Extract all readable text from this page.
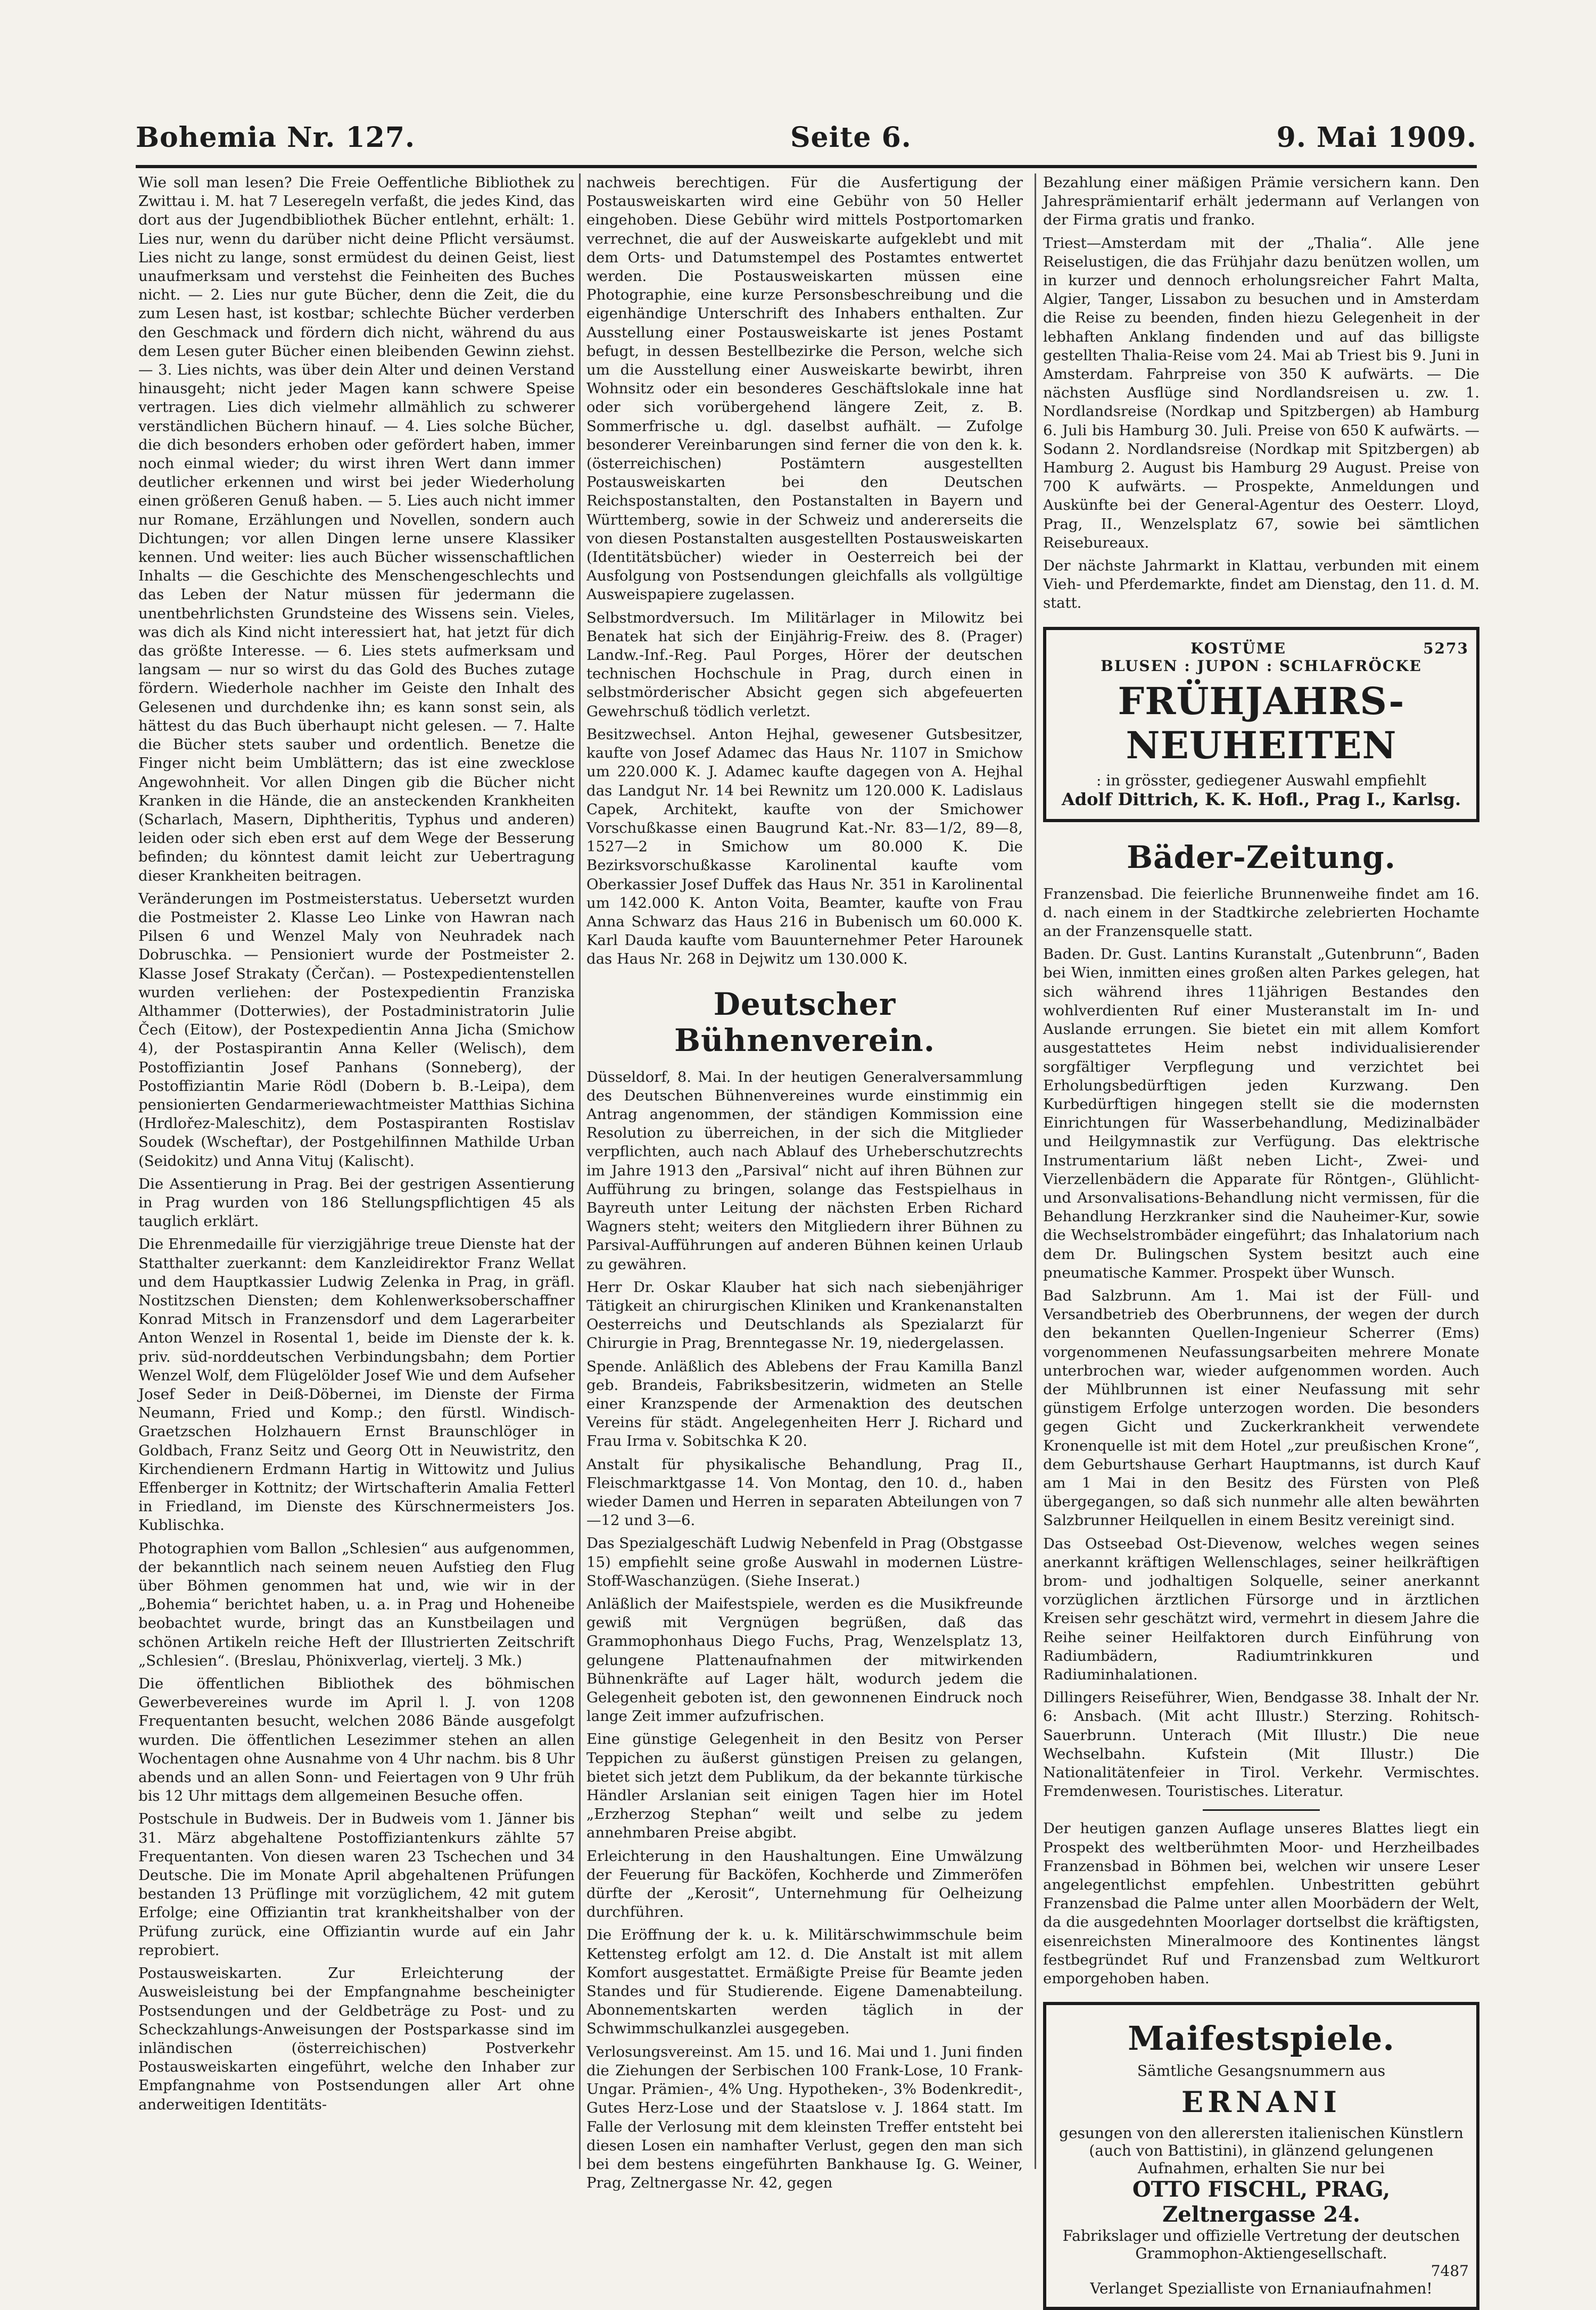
Bohemia Nr. 127.	Seite 6.	9. Mai 1909.

Wie soll man lesen? Die Freie Oeffentliche Bibliothek zu Zwittau i. M. hat 7 Leseregeln verfaßt, die jedes Kind, das dort aus der Jugendbibliothek Bücher entlehnt, erhält: 1. Lies nur, wenn du darüber nicht deine Pflicht versäumst. Lies nicht zu lange, sonst ermüdest du deinen Geist, liest unaufmerksam und verstehst die Feinheiten des Buches nicht. — 2. Lies nur gute Bücher, denn die Zeit, die du zum Lesen hast, ist kostbar; schlechte Bücher verderben den Geschmack und fördern dich nicht, während du aus dem Lesen guter Bücher einen bleibenden Gewinn ziehst. — 3. Lies nichts, was über dein Alter und deinen Verstand hinausgeht; nicht jeder Magen kann schwere Speise vertragen. Lies dich vielmehr allmählich zu schwerer verständlichen Büchern hinauf. — 4. Lies solche Bücher, die dich besonders erhoben oder gefördert haben, immer noch einmal wieder; du wirst ihren Wert dann immer deutlicher erkennen und wirst bei jeder Wiederholung einen größeren Genuß haben. — 5. Lies auch nicht immer nur Romane, Erzählungen und Novellen, sondern auch Dichtungen; vor allen Dingen lerne unsere Klassiker kennen. Und weiter: lies auch Bücher wissenschaftlichen Inhalts — die Geschichte des Menschengeschlechts und das Leben der Natur müssen für jedermann die unentbehrlichsten Grundsteine des Wissens sein. Vieles, was dich als Kind nicht interessiert hat, hat jetzt für dich das größte Interesse. — 6. Lies stets aufmerksam und langsam — nur so wirst du das Gold des Buches zutage fördern. Wiederhole nachher im Geiste den Inhalt des Gelesenen und durchdenke ihn; es kann sonst sein, als hättest du das Buch überhaupt nicht gelesen. — 7. Halte die Bücher stets sauber und ordentlich. Benetze die Finger nicht beim Umblättern; das ist eine zwecklose Angewohnheit. Vor allen Dingen gib die Bücher nicht Kranken in die Hände, die an ansteckenden Krankheiten (Scharlach, Masern, Diphtheritis, Typhus und anderen) leiden oder sich eben erst auf dem Wege der Besserung befinden; du könntest damit leicht zur Uebertragung dieser Krankheiten beitragen.

Veränderungen im Postmeisterstatus. Uebersetzt wurden die Postmeister 2. Klasse Leo Linke von Hawran nach Pilsen 6 und Wenzel Maly von Neuhradek nach Dobruschka. — Pensioniert wurde der Postmeister 2. Klasse Josef Strakaty (Čerčan). — Postexpedientenstellen wurden verliehen: der Postexpedientin Franziska Althammer (Dotterwies), der Postadministratorin Julie Čech (Eitow), der Postexpedientin Anna Jicha (Smichow 4), der Postaspirantin Anna Keller (Welisch), dem Postoffiziantin Josef Panhans (Sonneberg), der Postoffiziantin Marie Rödl (Dobern b. B.-Leipa), dem pensionierten Gendarmeriewachtmeister Matthias Sichina (Hrdlořez-Maleschitz), dem Postaspiranten Rostislav Soudek (Wscheftar), der Postgehilfinnen Mathilde Urban (Seidokitz) und Anna Vituj (Kalischt).

Die Assentierung in Prag. Bei der gestrigen Assentierung in Prag wurden von 186 Stellungspflichtigen 45 als tauglich erklärt.

Die Ehrenmedaille für vierzigjährige treue Dienste hat der Statthalter zuerkannt: dem Kanzleidirektor Franz Wellat und dem Hauptkassier Ludwig Zelenka in Prag, in gräfl. Nostitzschen Diensten; dem Kohlenwerksoberschaffner Konrad Mitsch in Franzensdorf und dem Lagerarbeiter Anton Wenzel in Rosental 1, beide im Dienste der k. k. priv. süd-norddeutschen Verbindungsbahn; dem Portier Wenzel Wolf, dem Flügelölder Josef Wie und dem Aufseher Josef Seder in Deiß-Döbernei, im Dienste der Firma Neumann, Fried und Komp.; den fürstl. Windisch-Graetzschen Holzhauern Ernst Braunschlöger in Goldbach, Franz Seitz und Georg Ott in Neuwistritz, den Kirchendienern Erdmann Hartig in Wittowitz und Julius Effenberger in Kottnitz; der Wirtschafterin Amalia Fetterl in Friedland, im Dienste des Kürschnermeisters Jos. Kublischka.

Photographien vom Ballon „Schlesien“ aus aufgenommen, der bekanntlich nach seinem neuen Aufstieg den Flug über Böhmen genommen hat und, wie wir in der „Bohemia“ berichtet haben, u. a. in Prag und Hoheneibe beobachtet wurde, bringt das an Kunstbeilagen und schönen Artikeln reiche Heft der Illustrierten Zeitschrift „Schlesien“. (Breslau, Phönixverlag, viertelj. 3 Mk.)

Die öffentlichen Bibliothek des böhmischen Gewerbevereines wurde im April l. J. von 1208 Frequentanten besucht, welchen 2086 Bände ausgefolgt wurden. Die öffentlichen Lesezimmer stehen an allen Wochentagen ohne Ausnahme von 4 Uhr nachm. bis 8 Uhr abends und an allen Sonn- und Feiertagen von 9 Uhr früh bis 12 Uhr mittags dem allgemeinen Besuche offen.

Postschule in Budweis. Der in Budweis vom 1. Jänner bis 31. März abgehaltene Postoffiziantenkurs zählte 57 Frequentanten. Von diesen waren 23 Tschechen und 34 Deutsche. Die im Monate April abgehaltenen Prüfungen bestanden 13 Prüflinge mit vorzüglichem, 42 mit gutem Erfolge; eine Offiziantin trat krankheitshalber von der Prüfung zurück, eine Offiziantin wurde auf ein Jahr reprobiert.

Postausweiskarten. Zur Erleichterung der Ausweisleistung bei der Empfangnahme bescheinigter Postsendungen und der Geldbeträge zu Post- und zu Scheckzahlungs-Anweisungen der Postsparkasse sind im inländischen (österreichischen) Postverkehr Postausweiskarten eingeführt, welche den Inhaber zur Empfangnahme von Postsendungen aller Art ohne anderweitigen Identitäts-

nachweis berechtigen. Für die Ausfertigung der Postausweiskarten wird eine Gebühr von 50 Heller eingehoben. Diese Gebühr wird mittels Postportomarken verrechnet, die auf der Ausweiskarte aufgeklebt und mit dem Orts- und Datumstempel des Postamtes entwertet werden. Die Postausweiskarten müssen eine Photographie, eine kurze Personsbeschreibung und die eigenhändige Unterschrift des Inhabers enthalten. Zur Ausstellung einer Postausweiskarte ist jenes Postamt befugt, in dessen Bestellbezirke die Person, welche sich um die Ausstellung einer Ausweiskarte bewirbt, ihren Wohnsitz oder ein besonderes Geschäftslokale inne hat oder sich vorübergehend längere Zeit, z. B. Sommerfrische u. dgl. daselbst aufhält. — Zufolge besonderer Vereinbarungen sind ferner die von den k. k. (österreichischen) Postämtern ausgestellten Postausweiskarten bei den Deutschen Reichspostanstalten, den Postanstalten in Bayern und Württemberg, sowie in der Schweiz und andererseits die von diesen Postanstalten ausgestellten Postausweiskarten (Identitätsbücher) wieder in Oesterreich bei der Ausfolgung von Postsendungen gleichfalls als vollgültige Ausweispapiere zugelassen.

Selbstmordversuch. Im Militärlager in Milowitz bei Benatek hat sich der Einjährig-Freiw. des 8. (Prager) Landw.-Inf.-Reg. Paul Porges, Hörer der deutschen technischen Hochschule in Prag, durch einen in selbstmörderischer Absicht gegen sich abgefeuerten Gewehrschuß tödlich verletzt.

Besitzwechsel. Anton Hejhal, gewesener Gutsbesitzer, kaufte von Josef Adamec das Haus Nr. 1107 in Smichow um 220.000 K. J. Adamec kaufte dagegen von A. Hejhal das Landgut Nr. 14 bei Rewnitz um 120.000 K. Ladislaus Capek, Architekt, kaufte von der Smichower Vorschußkasse einen Baugrund Kat.-Nr. 83—1/2, 89—8, 1527—2 in Smichow um 80.000 K. Die Bezirksvorschußkasse Karolinental kaufte vom Oberkassier Josef Duffek das Haus Nr. 351 in Karolinental um 142.000 K. Anton Voita, Beamter, kaufte von Frau Anna Schwarz das Haus 216 in Bubenisch um 60.000 K. Karl Dauda kaufte vom Bauunternehmer Peter Harounek das Haus Nr. 268 in Dejwitz um 130.000 K.

Deutscher Bühnenverein.

Düsseldorf, 8. Mai. In der heutigen Generalversammlung des Deutschen Bühnenvereines wurde einstimmig ein Antrag angenommen, der ständigen Kommission eine Resolution zu überreichen, in der sich die Mitglieder verpflichten, auch nach Ablauf des Urheberschutzrechts im Jahre 1913 den „Parsival“ nicht auf ihren Bühnen zur Aufführung zu bringen, solange das Festspielhaus in Bayreuth unter Leitung der nächsten Erben Richard Wagners steht; weiters den Mitgliedern ihrer Bühnen zu Parsival-Aufführungen auf anderen Bühnen keinen Urlaub zu gewähren.

Herr Dr. Oskar Klauber hat sich nach siebenjähriger Tätigkeit an chirurgischen Kliniken und Krankenanstalten Oesterreichs und Deutschlands als Spezialarzt für Chirurgie in Prag, Brenntegasse Nr. 19, niedergelassen.

Spende. Anläßlich des Ablebens der Frau Kamilla Banzl geb. Brandeis, Fabriksbesitzerin, widmeten an Stelle einer Kranzspende der Armenaktion des deutschen Vereins für städt. Angelegenheiten Herr J. Richard und Frau Irma v. Sobitschka K 20.

Anstalt für physikalische Behandlung, Prag II., Fleischmarktgasse 14. Von Montag, den 10. d., haben wieder Damen und Herren in separaten Abteilungen von 7—12 und 3—6.

Das Spezialgeschäft Ludwig Nebenfeld in Prag (Obstgasse 15) empfiehlt seine große Auswahl in modernen Lüstre-Stoff-Waschanzügen. (Siehe Inserat.)

Anläßlich der Maifestspiele, werden es die Musikfreunde gewiß mit Vergnügen begrüßen, daß das Grammophonhaus Diego Fuchs, Prag, Wenzelsplatz 13, gelungene Plattenaufnahmen der mitwirkenden Bühnenkräfte auf Lager hält, wodurch jedem die Gelegenheit geboten ist, den gewonnenen Eindruck noch lange Zeit immer aufzufrischen.

Eine günstige Gelegenheit in den Besitz von Perser Teppichen zu äußerst günstigen Preisen zu gelangen, bietet sich jetzt dem Publikum, da der bekannte türkische Händler Arslanian seit einigen Tagen hier im Hotel „Erzherzog Stephan“ weilt und selbe zu jedem annehmbaren Preise abgibt.

Erleichterung in den Haushaltungen. Eine Umwälzung der Feuerung für Backöfen, Kochherde und Zimmeröfen dürfte der „Kerosit“, Unternehmung für Oelheizung durchführen.

Die Eröffnung der k. u. k. Militärschwimmschule beim Kettensteg erfolgt am 12. d. Die Anstalt ist mit allem Komfort ausgestattet. Ermäßigte Preise für Beamte jeden Standes und für Studierende. Eigene Damenabteilung. Abonnementskarten werden täglich in der Schwimmschulkanzlei ausgegeben.

Verlosungsvereinst. Am 15. und 16. Mai und 1. Juni finden die Ziehungen der Serbischen 100 Frank-Lose, 10 Frank-Ungar. Prämien-, 4% Ung. Hypotheken-, 3% Bodenkredit-, Gutes Herz-Lose und der Staatslose v. J. 1864 statt. Im Falle der Verlosung mit dem kleinsten Treffer entsteht bei diesen Losen ein namhafter Verlust, gegen den man sich bei dem bestens eingeführten Bankhause Ig. G. Weiner, Prag, Zeltnergasse Nr. 42, gegen

Bezahlung einer mäßigen Prämie versichern kann. Den Jahresprämientarif erhält jedermann auf Verlangen von der Firma gratis und franko.

Triest—Amsterdam mit der „Thalia“. Alle jene Reiselustigen, die das Frühjahr dazu benützen wollen, um in kurzer und dennoch erholungsreicher Fahrt Malta, Algier, Tanger, Lissabon zu besuchen und in Amsterdam die Reise zu beenden, finden hiezu Gelegenheit in der lebhaften Anklang findenden und auf das billigste gestellten Thalia-Reise vom 24. Mai ab Triest bis 9. Juni in Amsterdam. Fahrpreise von 350 K aufwärts. — Die nächsten Ausflüge sind Nordlandsreisen u. zw. 1. Nordlandsreise (Nordkap und Spitzbergen) ab Hamburg 6. Juli bis Hamburg 30. Juli. Preise von 650 K aufwärts. — Sodann 2. Nordlandsreise (Nordkap mit Spitzbergen) ab Hamburg 2. August bis Hamburg 29 August. Preise von 700 K aufwärts. — Prospekte, Anmeldungen und Auskünfte bei der General-Agentur des Oesterr. Lloyd, Prag, II., Wenzelsplatz 67, sowie bei sämtlichen Reisebureaux.

Der nächste Jahrmarkt in Klattau, verbunden mit einem Vieh- und Pferdemarkte, findet am Dienstag, den 11. d. M. statt.

KOSTÜME	5273
BLUSEN : JUPON : SCHLAFRÖCKE
FRÜHJAHRS-NEUHEITEN
: in grösster, gediegener Auswahl empfiehlt
Adolf Dittrich, K. K. Hofl., Prag I., Karlsg.
Bäder-Zeitung.

Franzensbad. Die feierliche Brunnenweihe findet am 16. d. nach einem in der Stadtkirche zelebrierten Hochamte an der Franzensquelle statt.

Baden. Dr. Gust. Lantins Kuranstalt „Gutenbrunn“, Baden bei Wien, inmitten eines großen alten Parkes gelegen, hat sich während ihres 11jährigen Bestandes den wohlverdienten Ruf einer Musteranstalt im In- und Auslande errungen. Sie bietet ein mit allem Komfort ausgestattetes Heim nebst individualisierender sorgfältiger Verpflegung und verzichtet bei Erholungsbedürftigen jeden Kurzwang. Den Kurbedürftigen hingegen stellt sie die modernsten Einrichtungen für Wasserbehandlung, Medizinalbäder und Heilgymnastik zur Verfügung. Das elektrische Instrumentarium läßt neben Licht-, Zwei- und Vierzellenbädern die Apparate für Röntgen-, Glühlicht- und Arsonvalisations-Behandlung nicht vermissen, für die Behandlung Herzkranker sind die Nauheimer-Kur, sowie die Wechselstrombäder eingeführt; das Inhalatorium nach dem Dr. Bulingschen System besitzt auch eine pneumatische Kammer. Prospekt über Wunsch.

Bad Salzbrunn. Am 1. Mai ist der Füll- und Versandbetrieb des Oberbrunnens, der wegen der durch den bekannten Quellen-Ingenieur Scherrer (Ems) vorgenommenen Neufassungsarbeiten mehrere Monate unterbrochen war, wieder aufgenommen worden. Auch der Mühlbrunnen ist einer Neufassung mit sehr günstigem Erfolge unterzogen worden. Die besonders gegen Gicht und Zuckerkrankheit verwendete Kronenquelle ist mit dem Hotel „zur preußischen Krone“, dem Geburtshause Gerhart Hauptmanns, ist durch Kauf am 1 Mai in den Besitz des Fürsten von Pleß übergegangen, so daß sich nunmehr alle alten bewährten Salzbrunner Heilquellen in einem Besitz vereinigt sind.

Das Ostseebad Ost-Dievenow, welches wegen seines anerkannt kräftigen Wellenschlages, seiner heilkräftigen brom- und jodhaltigen Solquelle, seiner anerkannt vorzüglichen ärztlichen Fürsorge und in ärztlichen Kreisen sehr geschätzt wird, vermehrt in diesem Jahre die Reihe seiner Heilfaktoren durch Einführung von Radiumbädern, Radiumtrinkkuren und Radiuminhalationen.

Dillingers Reiseführer, Wien, Bendgasse 38. Inhalt der Nr. 6: Ansbach. (Mit acht Illustr.) Sterzing. Rohitsch-Sauerbrunn. Unterach (Mit Illustr.) Die neue Wechselbahn. Kufstein (Mit Illustr.) Die Nationalitätenfeier in Tirol. Verkehr. Vermischtes. Fremdenwesen. Touristisches. Literatur.

Der heutigen ganzen Auflage unseres Blattes liegt ein Prospekt des weltberühmten Moor- und Herzheilbades Franzensbad in Böhmen bei, welchen wir unsere Leser angelegentlichst empfehlen. Unbestritten gebührt Franzensbad die Palme unter allen Moorbädern der Welt, da die ausgedehnten Moorlager dortselbst die kräftigsten, eisenreichsten Mineralmoore des Kontinentes längst festbegründet Ruf und Franzensbad zum Weltkurort emporgehoben haben.

Maifestspiele.
Sämtliche Gesangsnummern aus
ERNANI
gesungen von den allerersten italienischen Künstlern (auch von Battistini), in glänzend gelungenen Aufnahmen, erhalten Sie nur bei
OTTO FISCHL, PRAG, Zeltnergasse 24.
Fabrikslager und offizielle Vertretung der deutschen Grammophon-Aktiengesellschaft.
7487
Verlanget Spezialliste von Ernaniaufnahmen!
